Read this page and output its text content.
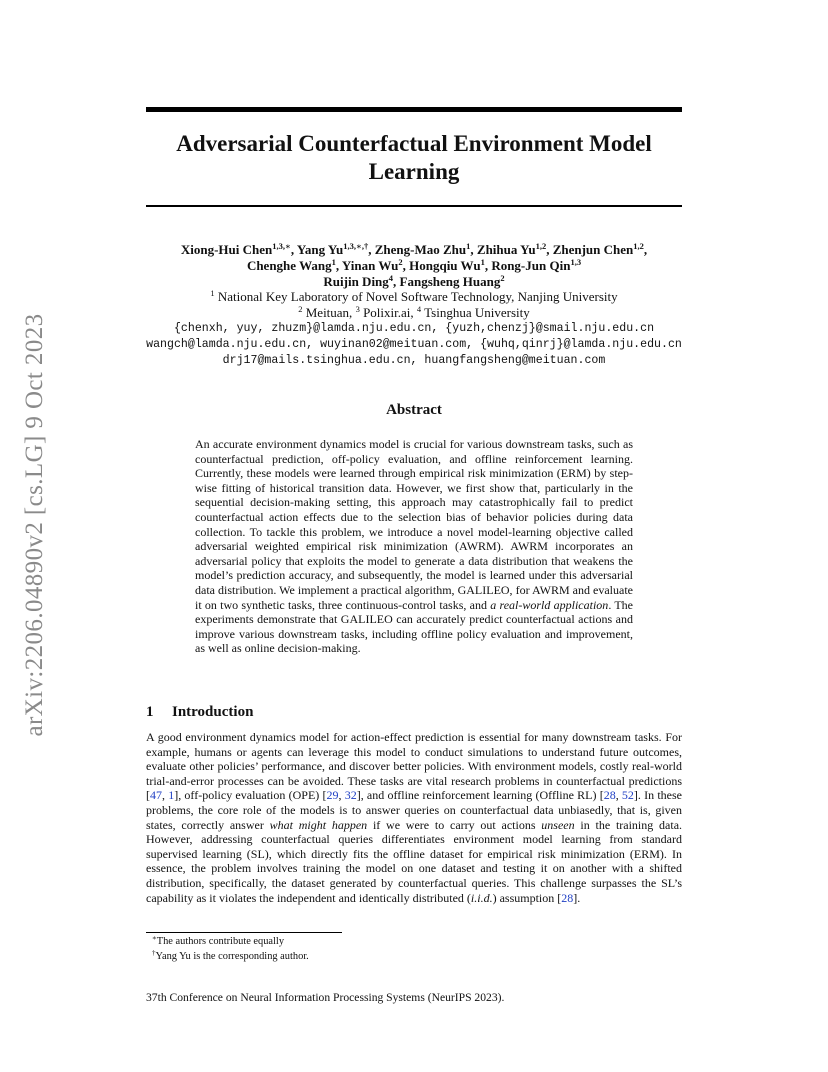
arXiv:2206.04890v2 [cs.LG] 9 Oct 2023
Adversarial Counterfactual Environment Model
Learning
Xiong-Hui Chen$^{1,3,∗}$, Yang $Yu^{1,3,∗,\dagger}$, Zheng-Mao Zhu$^1$, Zhihua Yu$^{1,2}$, Zhenjun Chen$^{1,2}$,
Chenghe Wang$^1$, Yinan Wu$^2$, Hongqiu Wu$^1$, Rong-Jun Qin$^{1,3}$
Ruijin Ding$^4$, Fangsheng Huang$^2$
$^1$ National Key Laboratory of Novel Software Technology, Nanjing University
$^2$ Meituan, $^3$ Polixir.ai, $^4$ Tsinghua University
{chenxh, yuy, zhuzm}@lamda.nju.edu.cn, {yuzh,chenzj}@smail.nju.edu.cn
wangch@lamda.nju.edu.cn, wuyinan02@meituan.com, {wuhq,qinrj}@lamda.nju.edu.cn
drj17@mails.tsinghua.edu.cn, huangfangsheng@meituan.com
Abstract
An accurate environment dynamics model is crucial for various downstream tasks, such as counterfactual prediction, off-policy evaluation, and offline reinforcement learning. Currently, these models were learned through empirical risk minimization (ERM) by step-wise fitting of historical transition data. However, we first show that, particularly in the sequential decision-making setting, this approach may catastrophically fail to predict counterfactual action effects due to the selection bias of behavior policies during data collection. To tackle this problem, we introduce a novel model-learning objective called adversarial weighted empirical risk minimization (AWRM). AWRM incorporates an adversarial policy that exploits the model to generate a data distribution that weakens the model’s prediction accuracy, and subsequently, the model is learned under this adversarial data distribution. We implement a practical algorithm, GALILEO, for AWRM and evaluate it on two synthetic tasks, three continuous-control tasks, and a real-world application. The experiments demonstrate that GALILEO can accurately predict counterfactual actions and improve various downstream tasks, including offline policy evaluation and improvement, as well as online decision-making.
1 Introduction
A good environment dynamics model for action-effect prediction is essential for many downstream tasks. For example, humans or agents can leverage this model to conduct simulations to understand future outcomes, evaluate other policies’ performance, and discover better policies. With environment models, costly real-world trial-and-error processes can be avoided. These tasks are vital research problems in counterfactual predictions [47, 1], off-policy evaluation (OPE) [29, 32], and offline reinforcement learning (Offline RL) [28, 52]. In these problems, the core role of the models is to answer queries on counterfactual data unbiasedly, that is, given states, correctly answer what might happen if we were to carry out actions unseen in the training data. However, addressing counterfactual queries differentiates environment model learning from standard supervised learning (SL), which directly fits the offline dataset for empirical risk minimization (ERM). In essence, the problem involves training the model on one dataset and testing it on another with a shifted distribution, specifically, the dataset generated by counterfactual queries. This challenge surpasses the SL’s capability as it violates the independent and identically distributed (i.i.d.) assumption [28].
∗The authors contribute equally
†Yang Yu is the corresponding author.
37th Conference on Neural Information Processing Systems (NeurIPS 2023).
